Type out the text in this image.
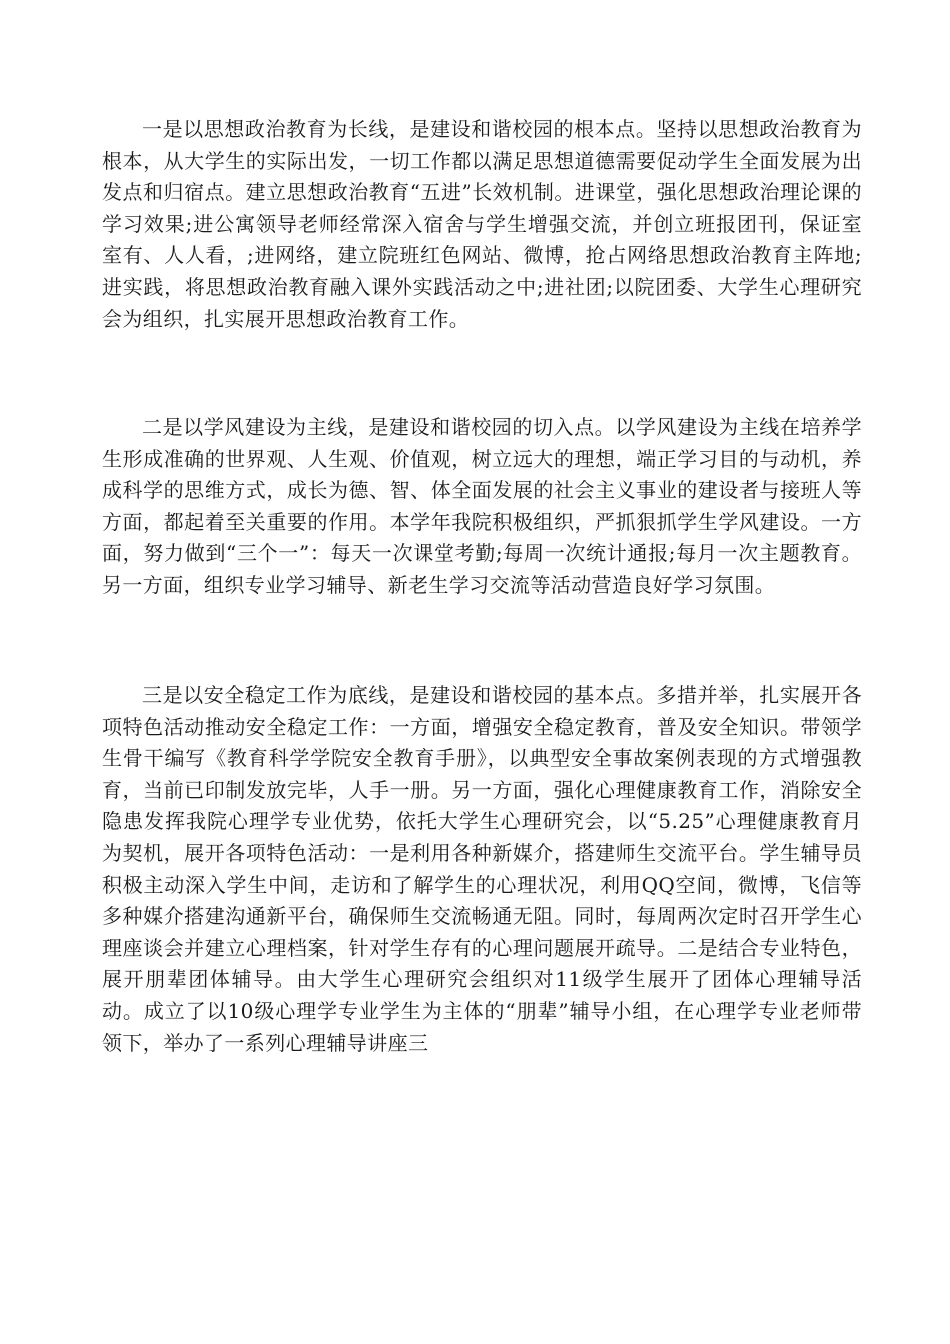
一是以思想政治教育为长线，是建设和谐校园的根本点。坚持以思想政治教育为根本，从大学生的实际出发，一切工作都以满足思想道德需要促动学生全面发展为出发点和归宿点。建立思想政治教育“五进”长效机制。进课堂，强化思想政治理论课的学习效果;进公寓领导老师经常深入宿舍与学生增强交流，并创立班报团刊，保证室室有、人人看，;进网络，建立院班红色网站、微博，抢占网络思想政治教育主阵地;进实践，将思想政治教育融入课外实践活动之中;进社团;以院团委、大学生心理研究会为组织，扎实展开思想政治教育工作。

二是以学风建设为主线，是建设和谐校园的切入点。以学风建设为主线在培养学生形成准确的世界观、人生观、价值观，树立远大的理想，端正学习目的与动机，养成科学的思维方式，成长为德、智、体全面发展的社会主义事业的建设者与接班人等方面，都起着至关重要的作用。本学年我院积极组织，严抓狠抓学生学风建设。一方面，努力做到“三个一”：每天一次课堂考勤;每周一次统计通报;每月一次主题教育。另一方面，组织专业学习辅导、新老生学习交流等活动营造良好学习氛围。

三是以安全稳定工作为底线，是建设和谐校园的基本点。多措并举，扎实展开各项特色活动推动安全稳定工作：一方面，增强安全稳定教育，普及安全知识。带领学生骨干编写《教育科学学院安全教育手册》，以典型安全事故案例表现的方式增强教育，当前已印制发放完毕，人手一册。另一方面，强化心理健康教育工作，消除安全隐患发挥我院心理学专业优势，依托大学生心理研究会，以“5.25”心理健康教育月为契机，展开各项特色活动：一是利用各种新媒介，搭建师生交流平台。学生辅导员积极主动深入学生中间，走访和了解学生的心理状况，利用QQ空间，微博，飞信等多种媒介搭建沟通新平台，确保师生交流畅通无阻。同时，每周两次定时召开学生心理座谈会并建立心理档案，针对学生存有的心理问题展开疏导。二是结合专业特色，展开朋辈团体辅导。由大学生心理研究会组织对11级学生展开了团体心理辅导活动。成立了以10级心理学专业学生为主体的“朋辈”辅导小组，在心理学专业老师带领下，举办了一系列心理辅导讲座三
